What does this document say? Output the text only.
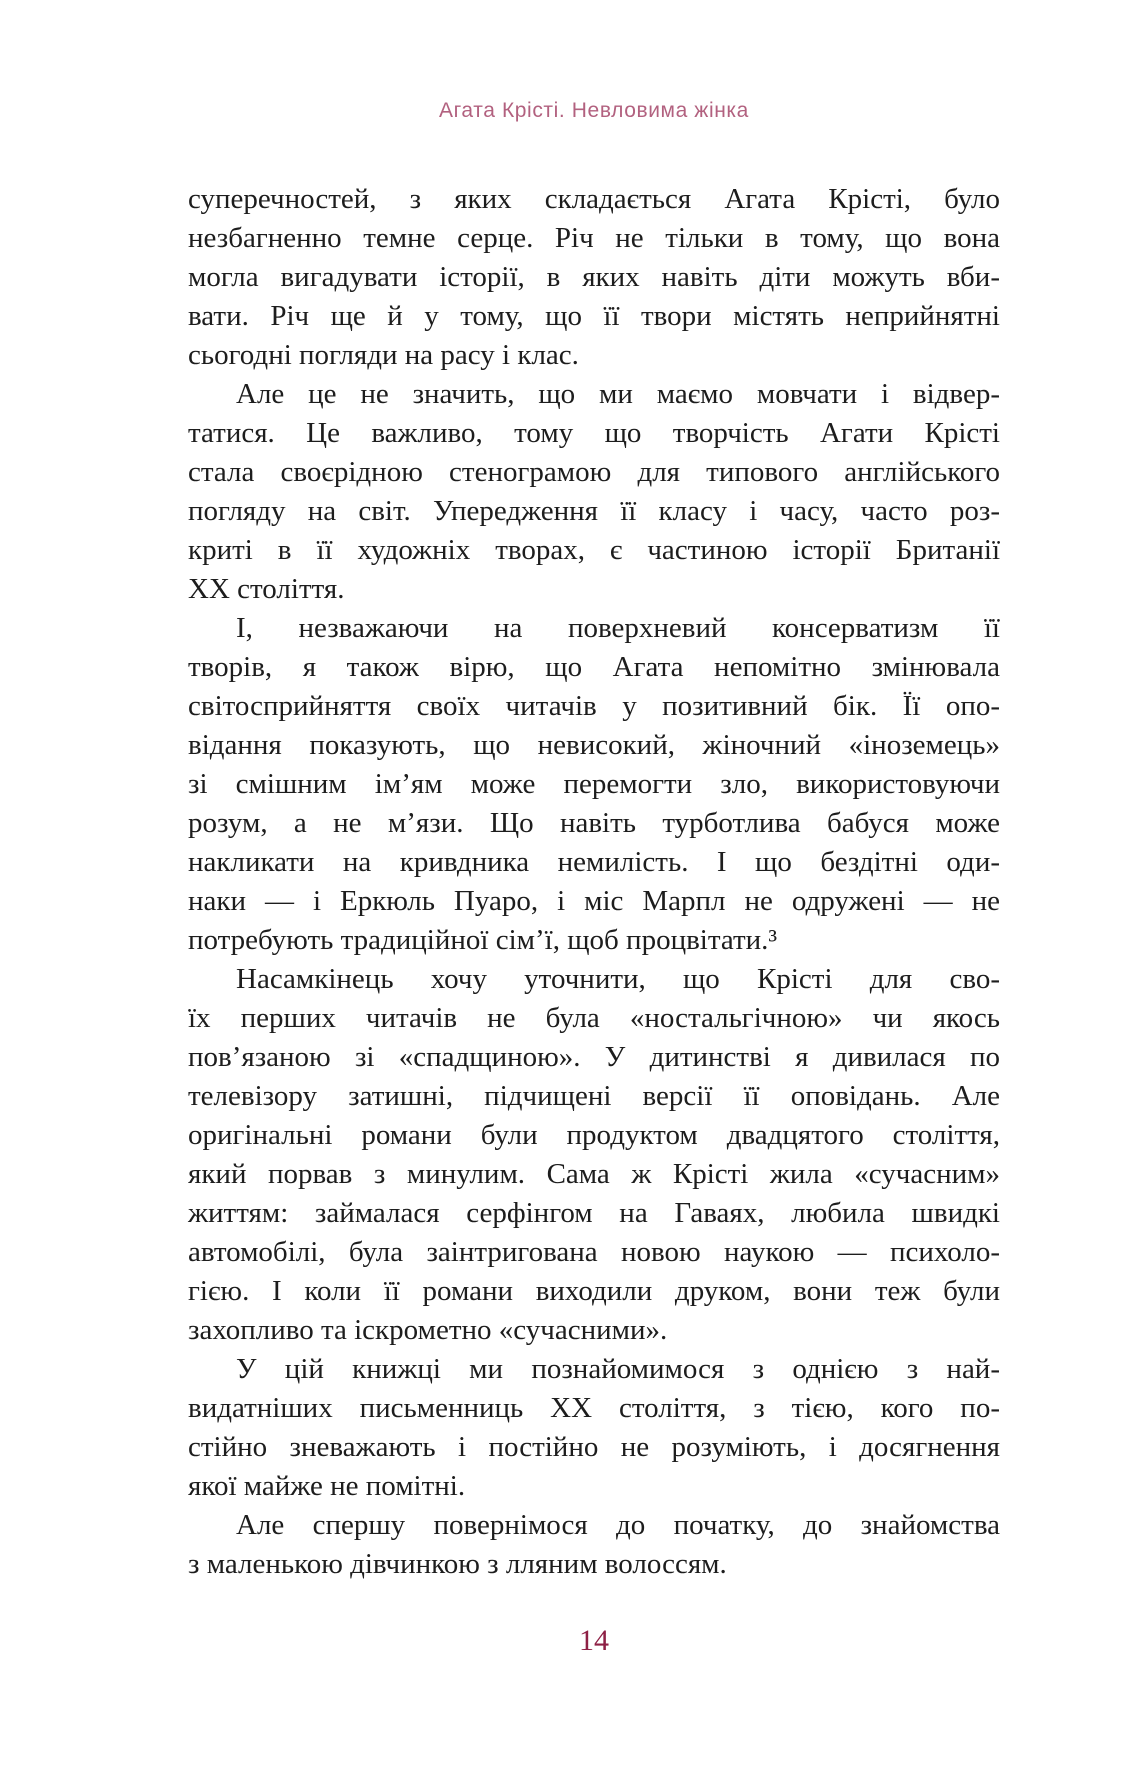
Агата Крісті. Невловима жінка
суперечностей, з яких складається Агата Крісті, було
незбагненно темне серце. Річ не тільки в тому, що вона
могла вигадувати історії, в яких навіть діти можуть вби-
вати. Річ ще й у тому, що її твори містять неприйнятні
сьогодні погляди на расу і клас.
Але це не значить, що ми маємо мовчати і відвер-
татися. Це важливо, тому що творчість Агати Крісті
стала своєрідною стенограмою для типового англійського
погляду на світ. Упередження її класу і часу, часто роз-
криті в її художніх творах, є частиною історії Британії
ХХ століття.
І, незважаючи на поверхневий консерватизм її
творів, я також вірю, що Агата непомітно змінювала
світосприйняття своїх читачів у позитивний бік. Її опо-
відання показують, що невисокий, жіночний «іноземець»
зі смішним ім’ям може перемогти зло, використовуючи
розум, а не м’язи. Що навіть турботлива бабуся може
накликати на кривдника немилість. І що бездітні оди-
наки — і Еркюль Пуаро, і міс Марпл не одружені — не
потребують традиційної сім’ї, щоб процвітати.³
Насамкінець хочу уточнити, що Крісті для сво-
їх перших читачів не була «ностальгічною» чи якось
пов’язаною зі «спадщиною». У дитинстві я дивилася по
телевізору затишні, підчищені версії її оповідань. Але
оригінальні романи були продуктом двадцятого століття,
який порвав з минулим. Сама ж Крісті жила «сучасним»
життям: займалася серфінгом на Гаваях, любила швидкі
автомобілі, була заінтригована новою наукою — психоло-
гією. І коли її романи виходили друком, вони теж були
захопливо та іскрометно «сучасними».
У цій книжці ми познайомимося з однією з най-
видатніших письменниць ХХ століття, з тією, кого по-
стійно зневажають і постійно не розуміють, і досягнення
якої майже не помітні.
Але спершу повернімося до початку, до знайомства
з маленькою дівчинкою з лляним волоссям.
14
